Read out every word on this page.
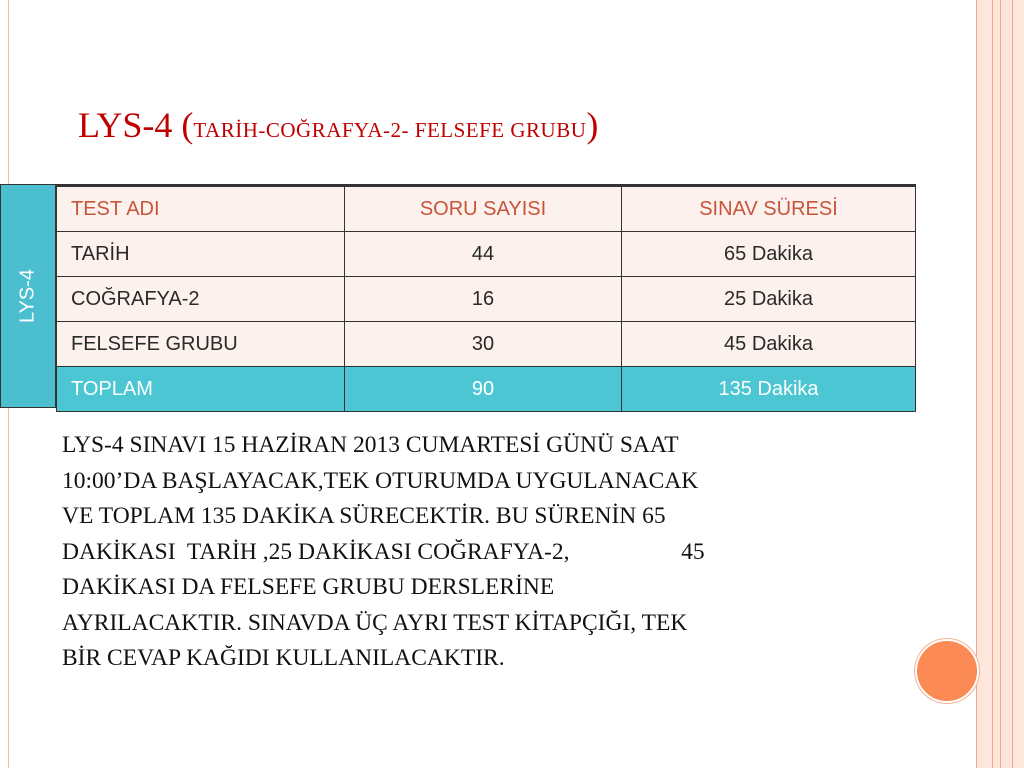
LYS-4 (TARİH-COĞRAFYA-2- FELSEFE GRUBU)
LYS-4
TEST ADI	SORU SAYISI	SINAV SÜRESİ
TARİH	44	65 Dakika
COĞRAFYA-2	16	25 Dakika
FELSEFE GRUBU	30	45 Dakika
TOPLAM	90	135 Dakika

LYS-4 SINAVI 15 HAZİRAN 2013 CUMARTESİ GÜNÜ SAAT
10:00’DA BAŞLAYACAK,TEK OTURUMDA UYGULANACAK
VE TOPLAM 135 DAKİKA SÜRECEKTİR. BU SÜRENİN 65
DAKİKASI  TARİH ,25 DAKİKASI COĞRAFYA-2,                   45
DAKİKASI DA FELSEFE GRUBU DERSLERİNE
AYRILACAKTIR. SINAVDA ÜÇ AYRI TEST KİTAPÇIĞI, TEK
BİR CEVAP KAĞIDI KULLANILACAKTIR.
